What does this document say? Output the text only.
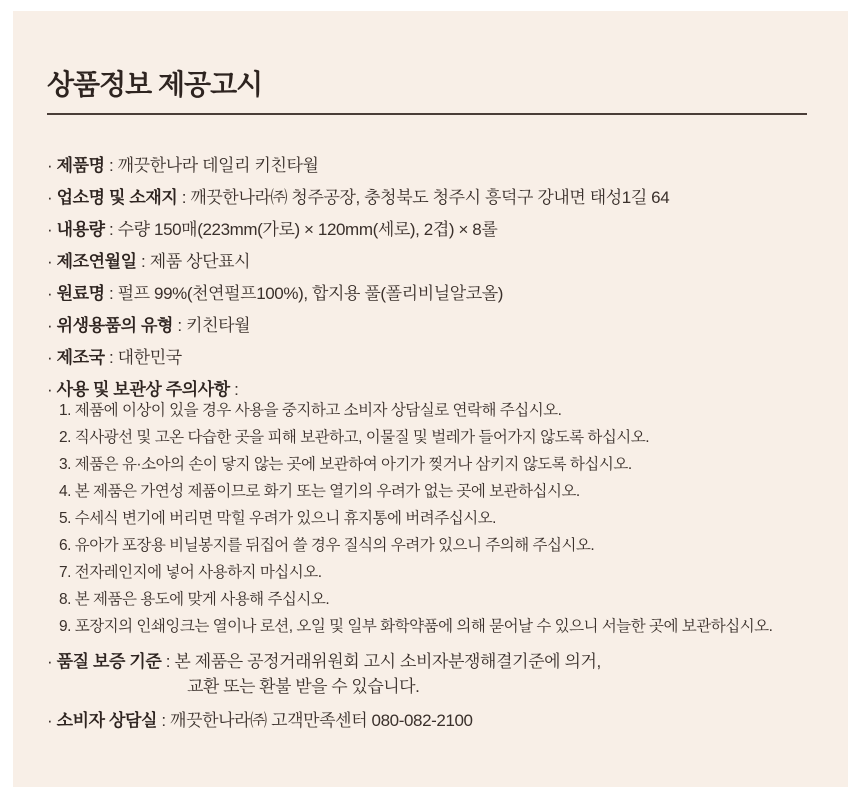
상품정보 제공고시
· 제품명 : 깨끗한나라 데일리 키친타월
· 업소명 및 소재지 : 깨끗한나라㈜ 청주공장, 충청북도 청주시 흥덕구 강내면 태성1길 64
· 내용량 : 수량 150매(223mm(가로) × 120mm(세로), 2겹) × 8롤
· 제조연월일 : 제품 상단표시
· 원료명 : 펄프 99%(천연펄프100%), 합지용 풀(폴리비닐알코올)
· 위생용품의 유형 : 키친타월
· 제조국 : 대한민국
· 사용 및 보관상 주의사항 :
1. 제품에 이상이 있을 경우 사용을 중지하고 소비자 상담실로 연락해 주십시오.
2. 직사광선 및 고온 다습한 곳을 피해 보관하고, 이물질 및 벌레가 들어가지 않도록 하십시오.
3. 제품은 유·소아의 손이 닿지 않는 곳에 보관하여 아기가 찢거나 삼키지 않도록 하십시오.
4. 본 제품은 가연성 제품이므로 화기 또는 열기의 우려가 없는 곳에 보관하십시오.
5. 수세식 변기에 버리면 막힐 우려가 있으니 휴지통에 버려주십시오.
6. 유아가 포장용 비닐봉지를 뒤집어 쓸 경우 질식의 우려가 있으니 주의해 주십시오.
7. 전자레인지에 넣어 사용하지 마십시오.
8. 본 제품은 용도에 맞게 사용해 주십시오.
9. 포장지의 인쇄잉크는 열이나 로션, 오일 및 일부 화학약품에 의해 묻어날 수 있으니 서늘한 곳에 보관하십시오.
· 품질 보증 기준 : 본 제품은 공정거래위원회 고시 소비자분쟁해결기준에 의거,
교환 또는 환불 받을 수 있습니다.
· 소비자 상담실 : 깨끗한나라㈜ 고객만족센터 080-082-2100
